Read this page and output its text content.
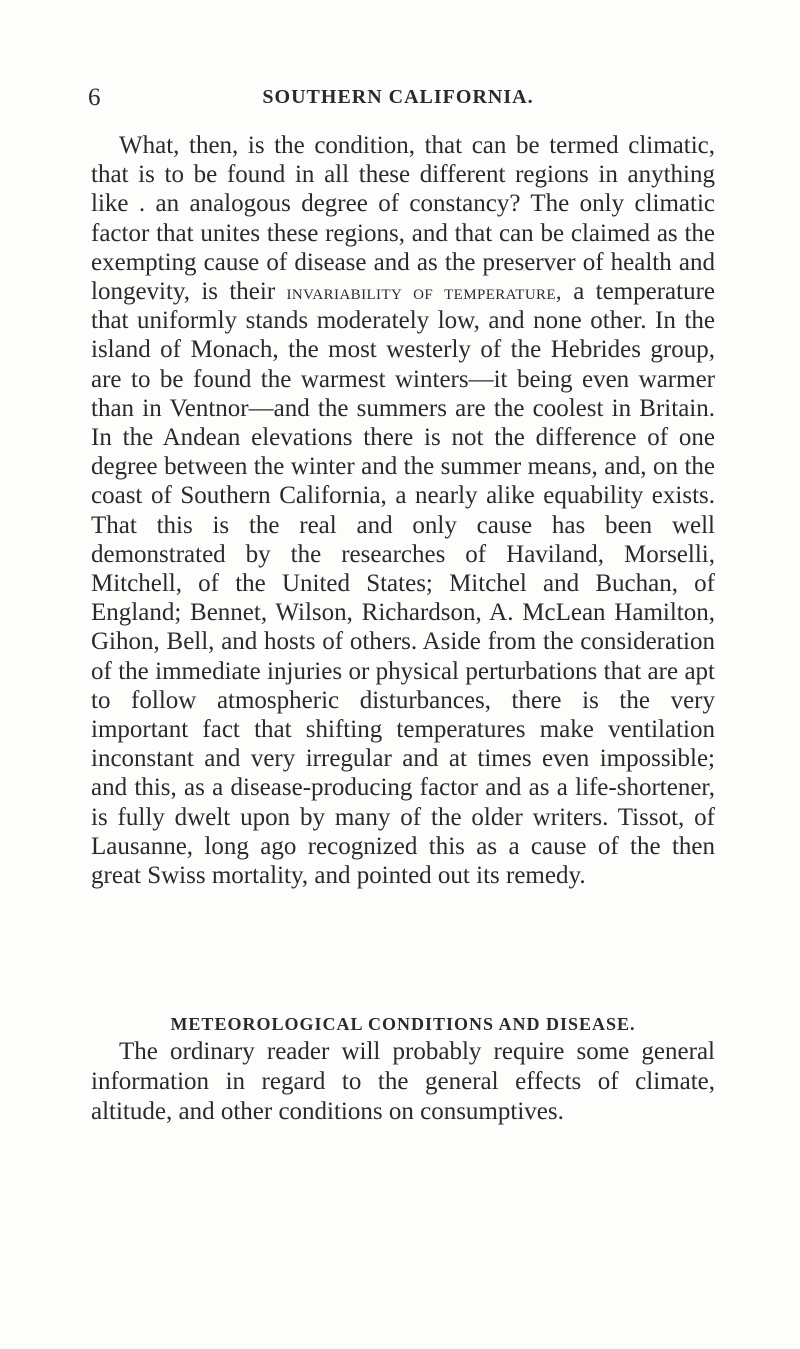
6	SOUTHERN CALIFORNIA.

What, then, is the condition, that can be termed climatic, that is to be found in all these different regions in anything like . an analogous degree of constancy? The only climatic factor that unites these regions, and that can be claimed as the exempting cause of disease and as the preserver of health and longevity, is their invariability of temperature, a temperature that uniformly stands moderately low, and none other. In the island of Monach, the most westerly of the Hebrides group, are to be found the warmest winters—it being even warmer than in Ventnor—and the summers are the coolest in Britain. In the Andean elevations there is not the difference of one degree between the winter and the summer means, and, on the coast of Southern California, a nearly alike equability exists. That this is the real and only cause has been well demonstrated by the researches of Haviland, Morselli, Mitchell, of the United States; Mitchel and Buchan, of England; Bennet, Wilson, Richardson, A. McLean Hamilton, Gihon, Bell, and hosts of others. Aside from the consideration of the immediate injuries or physical perturbations that are apt to follow atmospheric disturbances, there is the very important fact that shifting temperatures make ventilation inconstant and very irregular and at times even impossible; and this, as a disease-producing factor and as a life-shortener, is fully dwelt upon by many of the older writers. Tissot, of Lausanne, long ago recognized this as a cause of the then great Swiss mortality, and pointed out its remedy.

METEOROLOGICAL CONDITIONS AND DISEASE.

The ordinary reader will probably require some general information in regard to the general effects of climate, altitude, and other conditions on consumptives.
